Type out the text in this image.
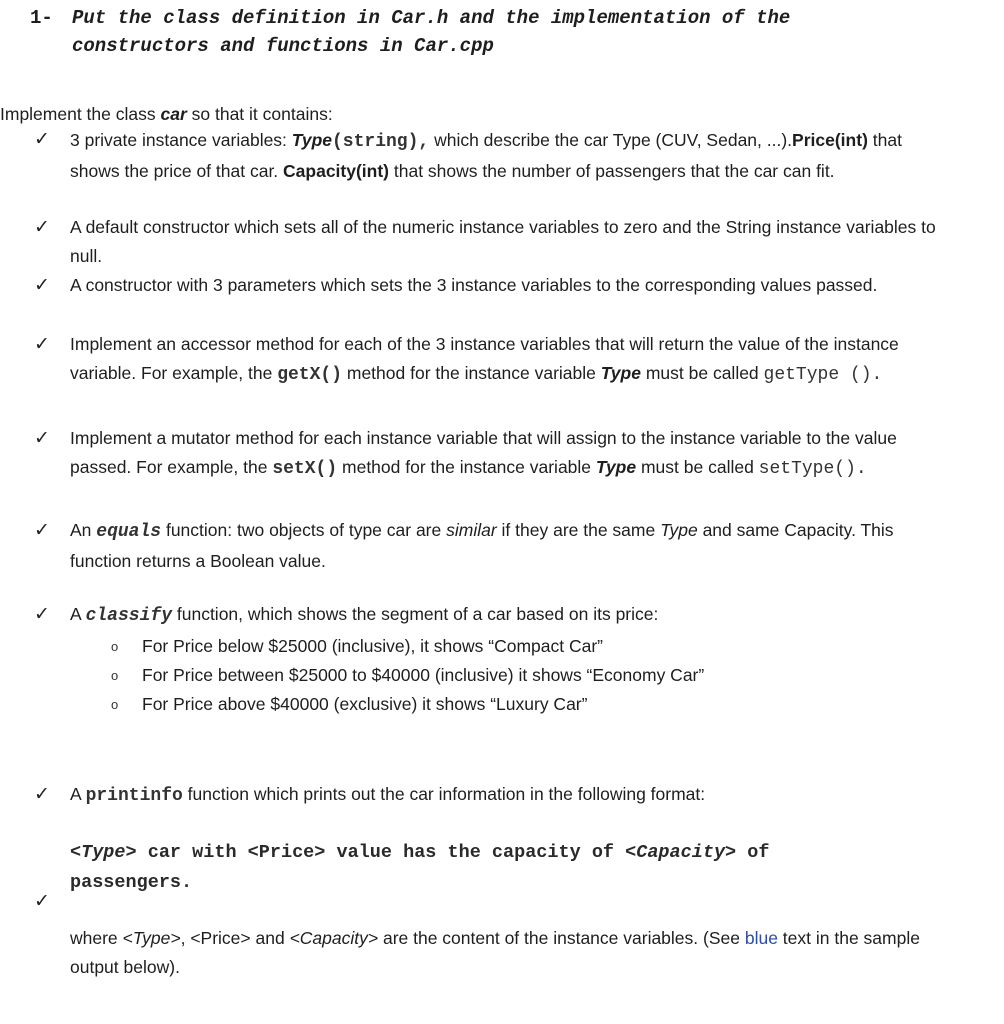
1- Put the class definition in Car.h and the implementation of the
constructors and functions in Car.cpp
Implement the class car so that it contains:
✓	3 private instance variables: Type(string), which describe the car Type (CUV, Sedan, ...).Price(int) that shows the price of that car. Capacity(int) that shows the number of passengers that the car can fit.
✓	A default constructor which sets all of the numeric instance variables to zero and the String instance variables to null.
✓	A constructor with 3 parameters which sets the 3 instance variables to the corresponding values passed.
✓	Implement an accessor method for each of the 3 instance variables that will return the value of the instance variable. For example, the getX() method for the instance variable Type must be called getType ().
✓	Implement a mutator method for each instance variable that will assign to the instance variable to the value passed. For example, the setX() method for the instance variable Type must be called setType().
✓	An equals function: two objects of type car are similar if they are the same Type and same Capacity. This function returns a Boolean value.
✓	A classify function, which shows the segment of a car based on its price:
o For Price below $25000 (inclusive), it shows “Compact Car”
o For Price between $25000 to $40000 (inclusive) it shows “Economy Car”
o For Price above $40000 (exclusive) it shows “Luxury Car”
✓	A printinfo function which prints out the car information in the following format:
<Type> car with <Price> value has the capacity of <Capacity> of passengers.
✓
where <Type>, <Price> and <Capacity> are the content of the instance variables. (See blue text in the sample output below).
